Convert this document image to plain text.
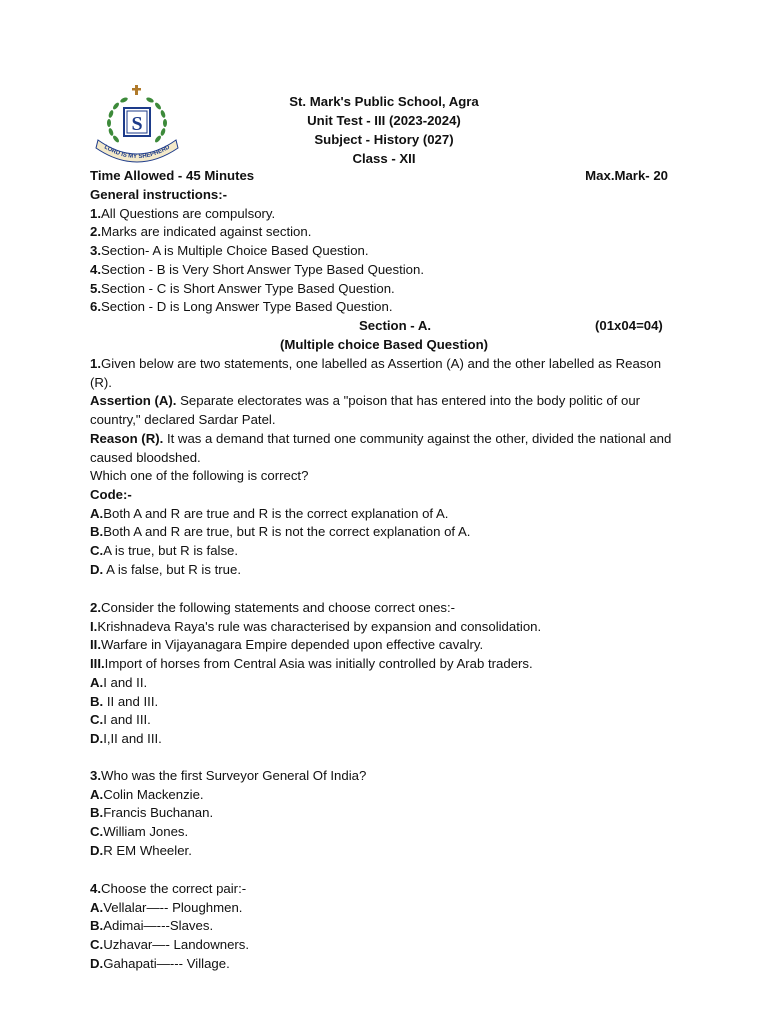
S
LORD IS MY SHEPHERD
St. Mark's Public School, Agra
Unit Test - III (2023-2024)
Subject - History (027)
Class - XII
Time Allowed - 45 Minutes	Max.Mark- 20

General instructions:-

1.All Questions are compulsory.

2.Marks are indicated against section.

3.Section- A is Multiple Choice Based Question.

4.Section - B is Very Short Answer Type Based Question.

5.Section - C is Short Answer Type Based Question.

6.Section - D is Long Answer Type Based Question.

Section - A.	(01x04=04)
(Multiple choice Based Question)

1.Given below are two statements, one labelled as Assertion (A) and the other labelled as Reason (R).

Assertion (A). Separate electorates was a "poison that has entered into the body politic of our country," declared Sardar Patel.

Reason (R). It was a demand that turned one community against the other, divided the national and caused bloodshed.

Which one of the following is correct?

Code:-

A.Both A and R are true and R is the correct explanation of A.

B.Both A and R are true, but R is not the correct explanation of A.

C.A is true, but R is false.

D. A is false, but R is true.

2.Consider the following statements and choose correct ones:-

I.Krishnadeva Raya's rule was characterised by expansion and consolidation.

II.Warfare in Vijayanagara Empire depended upon effective cavalry.

III.Import of horses from Central Asia was initially controlled by Arab traders.

A.I and II.

B. II and III.

C.I and III.

D.I,II and III.

3.Who was the first Surveyor General Of India?

A.Colin Mackenzie.

B.Francis Buchanan.

C.William Jones.

D.R EM Wheeler.

4.Choose the correct pair:-

A.Vellalar—-- Ploughmen.

B.Adimai—---Slaves.

C.Uzhavar—- Landowners.

D.Gahapati—--- Village.
